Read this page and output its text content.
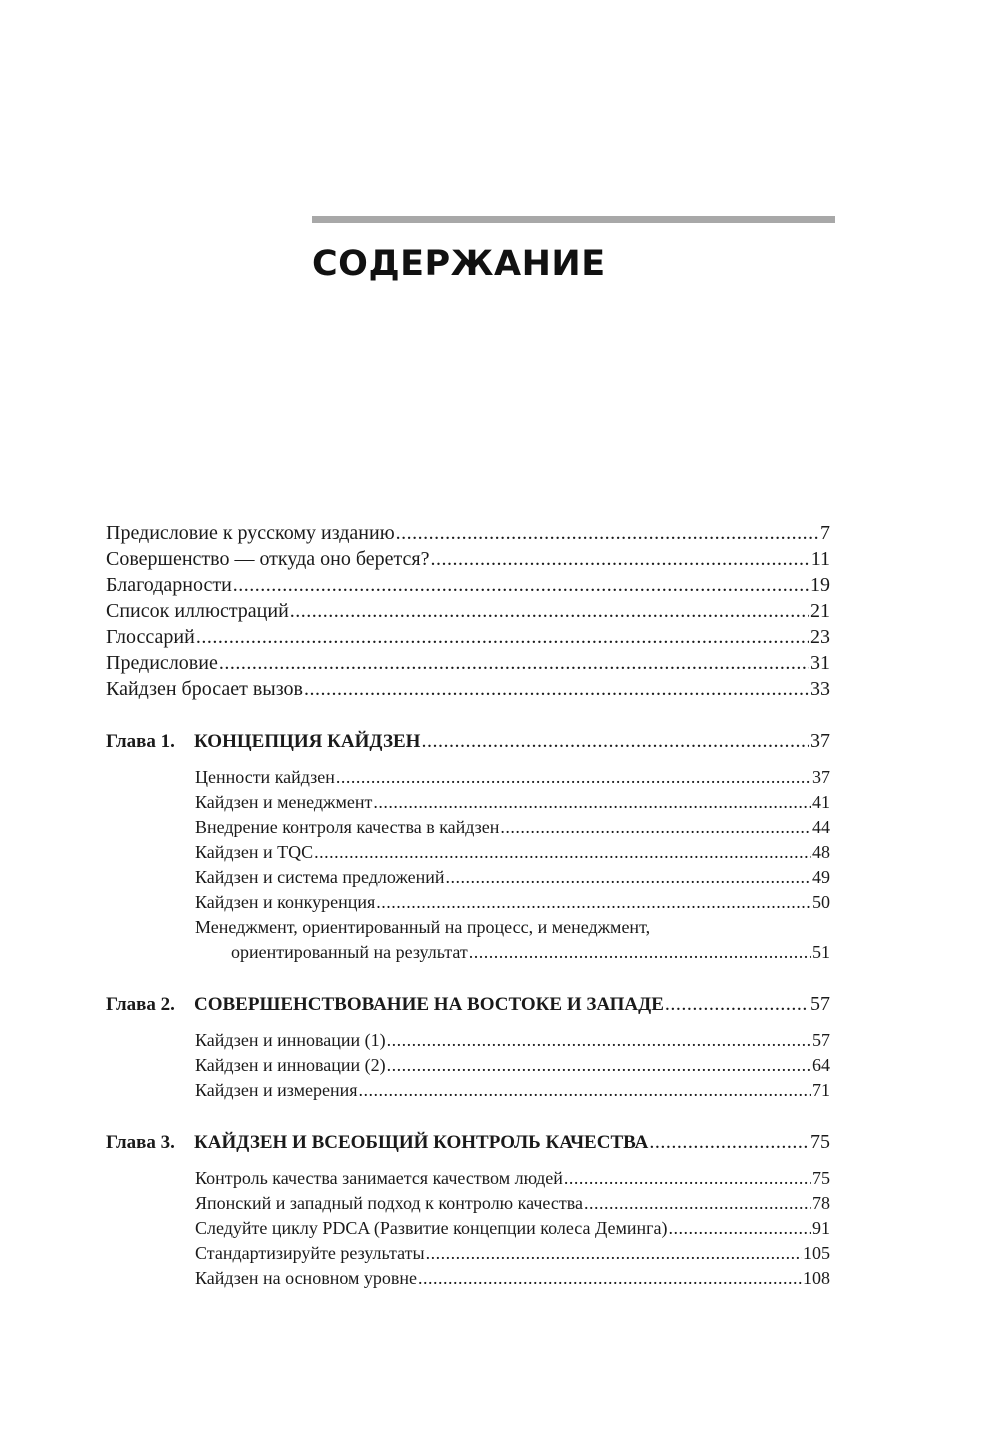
СОДЕРЖАНИЕ
Предисловие к русскому изданию .....	7
Совершенство — откуда оно берется? .....	11
Благодарности .....	19
Список иллюстраций .....	21
Глоссарий .....	23
Предисловие .....	31
Кайдзен бросает вызов .....	33
Глава 1. КОНЦЕПЦИЯ КАЙДЗЕН .....	37
Ценности кайдзен .....	37
Кайдзен и менеджмент .....	41
Внедрение контроля качества в кайдзен .....	44
Кайдзен и TQC .....	48
Кайдзен и система предложений .....	49
Кайдзен и конкуренция .....	50
Менеджмент, ориентированный на процесс, и менеджмент,
ориентированный на результат .....	51
Глава 2. СОВЕРШЕНСТВОВАНИЕ НА ВОСТОКЕ И ЗАПАДЕ .....	57
Кайдзен и инновации (1) .....	57
Кайдзен и инновации (2) .....	64
Кайдзен и измерения .....	71
Глава 3. КАЙДЗЕН И ВСЕОБЩИЙ КОНТРОЛЬ КАЧЕСТВА .....	75
Контроль качества занимается качеством людей .....	75
Японский и западный подход к контролю качества .....	78
Следуйте циклу PDCA (Развитие концепции колеса Деминга) .....	91
Стандартизируйте результаты .....	105
Кайдзен на основном уровне .....	108
